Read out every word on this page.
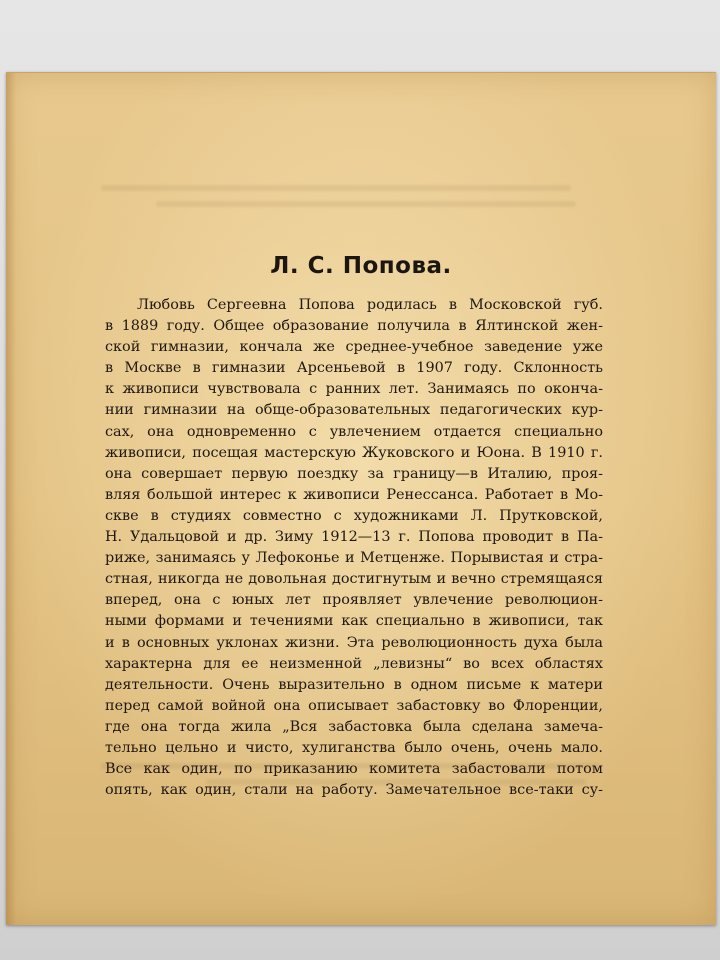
Л. С. Попова.
Любовь Сергеевна Попова родилась в Московской губ.
в 1889 году. Общее образование получила в Ялтинской жен-
ской гимназии, кончала же среднее-учебное заведение уже
в Москве в гимназии Арсеньевой в 1907 году. Склонность
к живописи чувствовала с ранних лет. Занимаясь по оконча-
нии гимназии на обще-образовательных педагогических кур-
сах, она одновременно с увлечением отдается специально
живописи, посещая мастерскую Жуковского и Юона. В 1910 г.
она совершает первую поездку за границу—в Италию, проя-
вляя большой интерес к живописи Ренессанса. Работает в Мо-
скве в студиях совместно с художниками Л. Прутковской,
Н. Удальцовой и др. Зиму 1912—13 г. Попова проводит в Па-
риже, занимаясь у Лефоконье и Метценже. Порывистая и стра-
стная, никогда не довольная достигнутым и вечно стремящаяся
вперед, она с юных лет проявляет увлечение революцион-
ными формами и течениями как специально в живописи, так
и в основных уклонах жизни. Эта революционность духа была
характерна для ее неизменной „левизны“ во всех областях
деятельности. Очень выразительно в одном письме к матери
перед самой войной она описывает забастовку во Флоренции,
где она тогда жила „Вся забастовка была сделана замеча-
тельно цельно и чисто, хулиганства было очень, очень мало.
Все как один, по приказанию комитета забастовали потом
опять, как один, стали на работу. Замечательное все-таки су-
